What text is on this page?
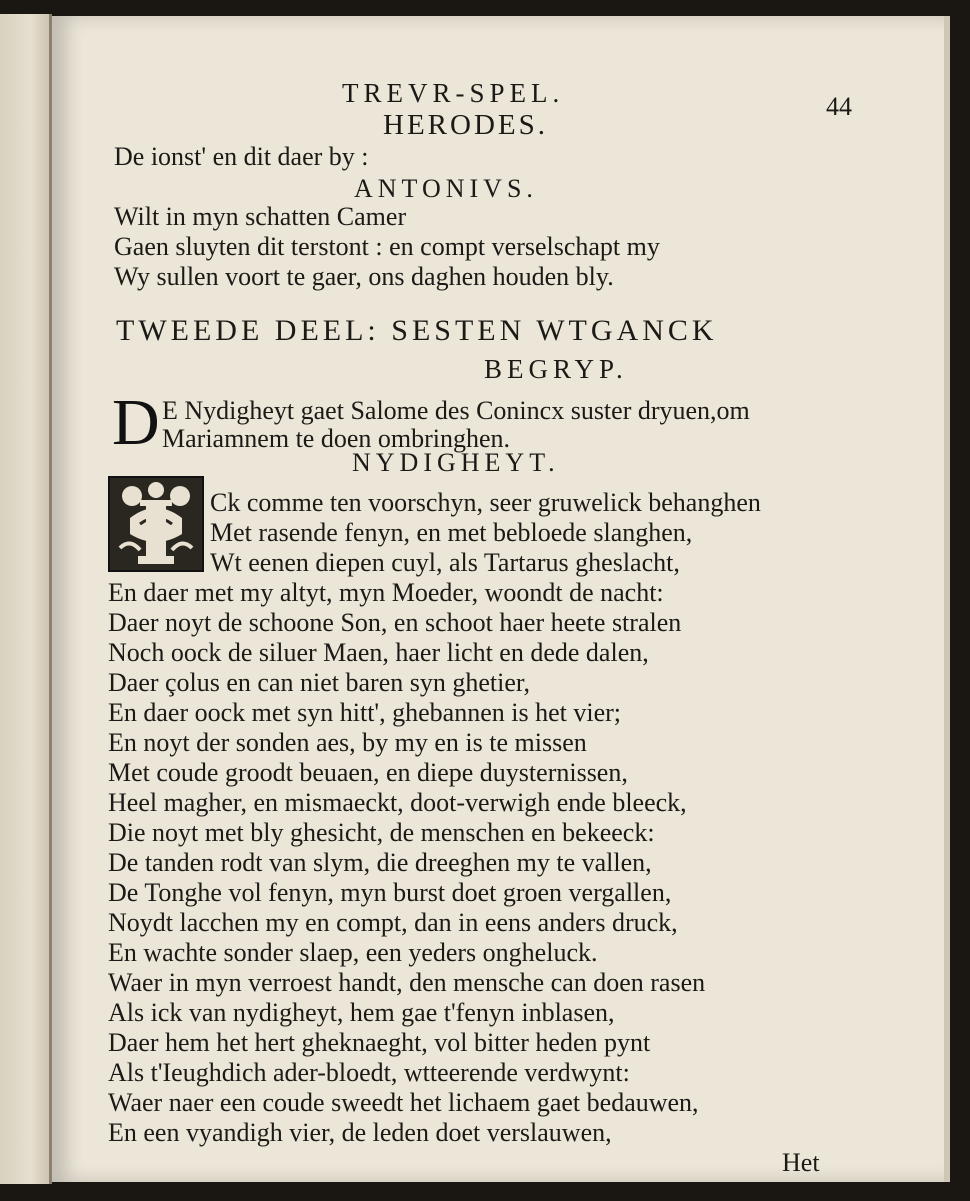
TREVR-SPEL.	44
HERODES.
De ionst' en dit daer by :
ANTONIVS.
Wilt in myn schatten Camer
Gaen sluyten dit terstont : en compt verselschapt my
Wy sullen voort te gaer, ons daghen houden bly.
TWEEDE DEEL: SESTEN WTGANCK
BEGRYP.
D E Nydigheyt gaet Salome des Conincx suster dryuen,om
Mariamnem te doen ombringhen.
NYDIGHEYT.
Ck comme ten voorschyn, seer gruwelick behanghen
Met rasende fenyn, en met bebloede slanghen,
Wt eenen diepen cuyl, als Tartarus gheslacht,
En daer met my altyt, myn Moeder, woondt de nacht:
Daer noyt de schoone Son, en schoot haer heete stralen
Noch oock de siluer Maen, haer licht en dede dalen,
Daer çolus en can niet baren syn ghetier,
En daer oock met syn hitt', ghebannen is het vier;
En noyt der sonden aes, by my en is te missen
Met coude groodt beuaen, en diepe duysternissen,
Heel magher, en mismaeckt, doot-verwigh ende bleeck,
Die noyt met bly ghesicht, de menschen en bekeeck:
De tanden rodt van slym, die dreeghen my te vallen,
De Tonghe vol fenyn, myn burst doet groen vergallen,
Noydt lacchen my en compt, dan in eens anders druck,
En wachte sonder slaep, een yeders ongheluck.
Waer in myn verroest handt, den mensche can doen rasen
Als ick van nydigheyt, hem gae t'fenyn inblasen,
Daer hem het hert gheknaeght, vol bitter heden pynt
Als t'Ieughdich ader-bloedt, wtteerende verdwynt:
Waer naer een coude sweedt het lichaem gaet bedauwen,
En een vyandigh vier, de leden doet verslauwen,
Het
